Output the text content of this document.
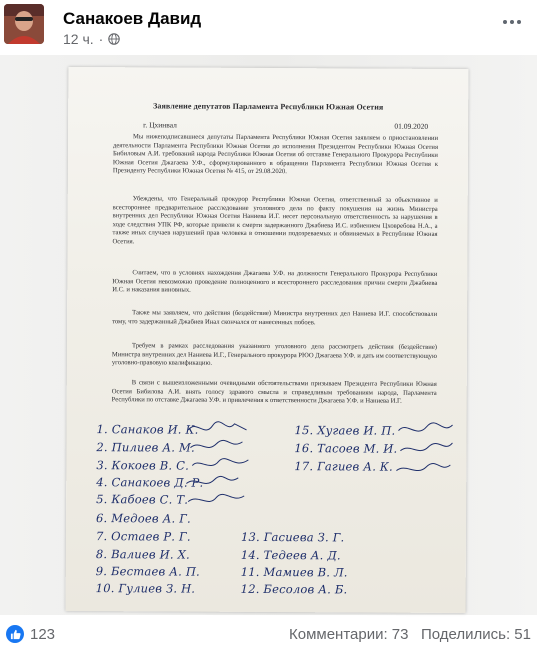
Санакоев Давид
12 ч. ·
Заявление депутатов Парламента Республики Южная Осетия
г. Цхинвал	01.09.2020

Мы нижеподписавшиеся депутаты Парламента Республики Южная Осетия заявляем о приостановлении деятельности Парламента Республики Южная Осетия до исполнения Президентом Республики Южная Осетия Бибиловым А.И. требований народа Республики Южная Осетия об отставке Генерального Прокурора Республики Южная Осетия Джагаева У.Ф., сформулированного в обращении Парламента Республики Южная Осетия к Президенту Республики Южная Осетия № 415, от 29.08.2020.

Убеждены, что Генеральный прокурор Республики Южная Осетия, ответственный за объективное и всестороннее предварительное расследование уголовного дела по факту покушения на жизнь Министра внутренних дел Республики Южная Осетия Наниева И.Г. несет персональную ответственность за нарушения в ходе следствия УПК РФ, которые привели к смерти задержанного Джабиева И.С. избиением Цховребова Н.А., а также иных случаев нарушений прав человека в отношении подозреваемых и обвиняемых в Республике Южная Осетия.

Считаем, что в условиях нахождения Джагаева У.Ф. на должности Генерального Прокурора Республики Южная Осетия невозможно проведение полноценного и всестороннего расследования причин смерти Джабиева И.С. и наказания виновных.

Также мы заявляем, что действия (бездействие) Министра внутренних дел Наниева И.Г. способствовали тому, что задержанный Джабиев Инал скончался от нанесенных побоев.

Требуем в рамках расследования указанного уголовного дела рассмотреть действия (бездействие) Министра внутренних дел Наниева И.Г., Генерального прокурора РЮО Джагаева У.Ф. и дать им соответствующую уголовно-правовую квалификацию.

В связи с вышеизложенными очевидными обстоятельствами призываем Президента Республики Южная Осетия Бибилова А.И. внять голосу здравого смысла и справедливым требованиям народа, Парламента Республики по отставке Джагаева У.Ф. и привлечения к ответственности Джагаева У.Ф. и Наниева И.Г.

1. Санаков И. К.
2. Пилиев А. М.
3. Кокоев В. С.
4. Санакоев Д. Р.
5. Кабоев С. Т.
6. Медоев А. Г.
7. Остаев Р. Г.
8. Валиев И. Х.
9. Бестаев А. П.
10. Гулиев З. Н.
11. Мамиев В. Л.
12. Бесолов А. Б.
13. Гасиева З. Г.
14. Тедеев А. Д.
15. Хугаев И. П.
16. Тасоев М. И.
17. Гагиев А. К.
123	Комментарии: 73 Поделились: 51
